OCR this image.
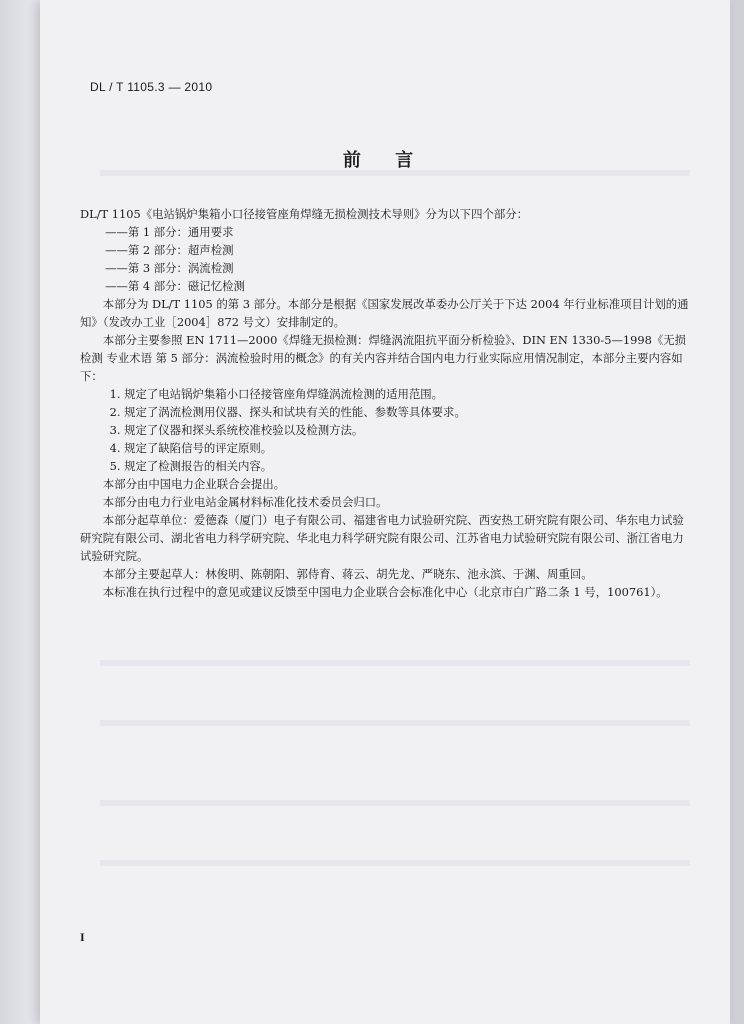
DL / T 1105.3 — 2010
前 言

DL/T 1105《电站锅炉集箱小口径接管座角焊缝无损检测技术导则》分为以下四个部分：

——第 1 部分：通用要求

——第 2 部分：超声检测

——第 3 部分：涡流检测

——第 4 部分：磁记忆检测

本部分为 DL/T 1105 的第 3 部分。本部分是根据《国家发展改革委办公厅关于下达 2004 年行业标准项目计划的通知》（发改办工业［2004］872 号文）安排制定的。

本部分主要参照 EN 1711—2000《焊缝无损检测：焊缝涡流阻抗平面分析检验》、DIN EN 1330-5—1998《无损检测 专业术语 第 5 部分：涡流检验时用的概念》的有关内容并结合国内电力行业实际应用情况制定，本部分主要内容如下：

1. 规定了电站锅炉集箱小口径接管座角焊缝涡流检测的适用范围。

2. 规定了涡流检测用仪器、探头和试块有关的性能、参数等具体要求。

3. 规定了仪器和探头系统校准校验以及检测方法。

4. 规定了缺陷信号的评定原则。

5. 规定了检测报告的相关内容。

本部分由中国电力企业联合会提出。

本部分由电力行业电站金属材料标准化技术委员会归口。

本部分起草单位：爱德森（厦门）电子有限公司、福建省电力试验研究院、西安热工研究院有限公司、华东电力试验研究院有限公司、湖北省电力科学研究院、华北电力科学研究院有限公司、江苏省电力试验研究院有限公司、浙江省电力试验研究院。

本部分主要起草人：林俊明、陈朝阳、郭侍育、蒋云、胡先龙、严晓东、池永滨、于渊、周重回。

本标准在执行过程中的意见或建议反馈至中国电力企业联合会标准化中心（北京市白广路二条 1 号，100761）。

I
